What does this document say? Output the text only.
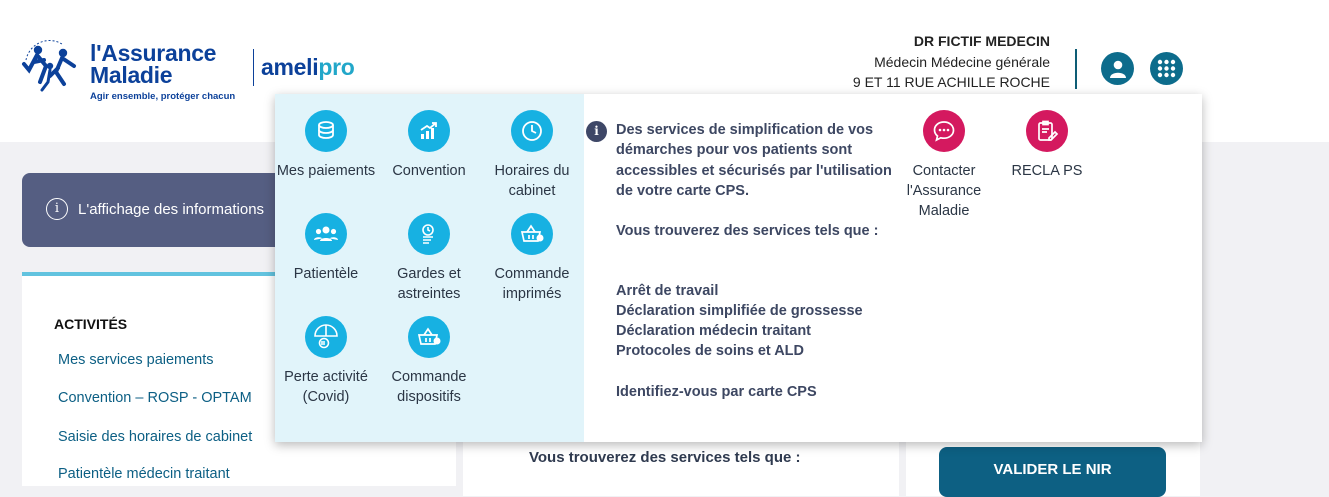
l'Assurance
Maladie
Agir ensemble, protéger chacun
amelipro
DR FICTIF MEDECIN
Médecin Médecine générale
9 ET 11 RUE ACHILLE ROCHE
i	L'affichage des informations
ACTIVITÉS
Mes services paiements
Convention – ROSP - OPTAM
Saisie des horaires de cabinet
Patientèle médecin traitant
Vous trouverez des services tels que :
VALIDER LE NIR
Mes paiements	Convention	Horaires du cabinet
Patientèle	Gardes et astreintes
Commande imprimés
Perte activité (Covid)
Commande dispositifs
i	Des services de simplification de vos démarches pour vos patients sont accessibles et sécurisés par l'utilisation de votre carte CPS.
Vous trouverez des services tels que :
Arrêt de travail
Déclaration simplifiée de grossesse
Déclaration médecin traitant
Protocoles de soins et ALD
Identifiez-vous par carte CPS
Contacter l'Assurance Maladie
RECLA PS
